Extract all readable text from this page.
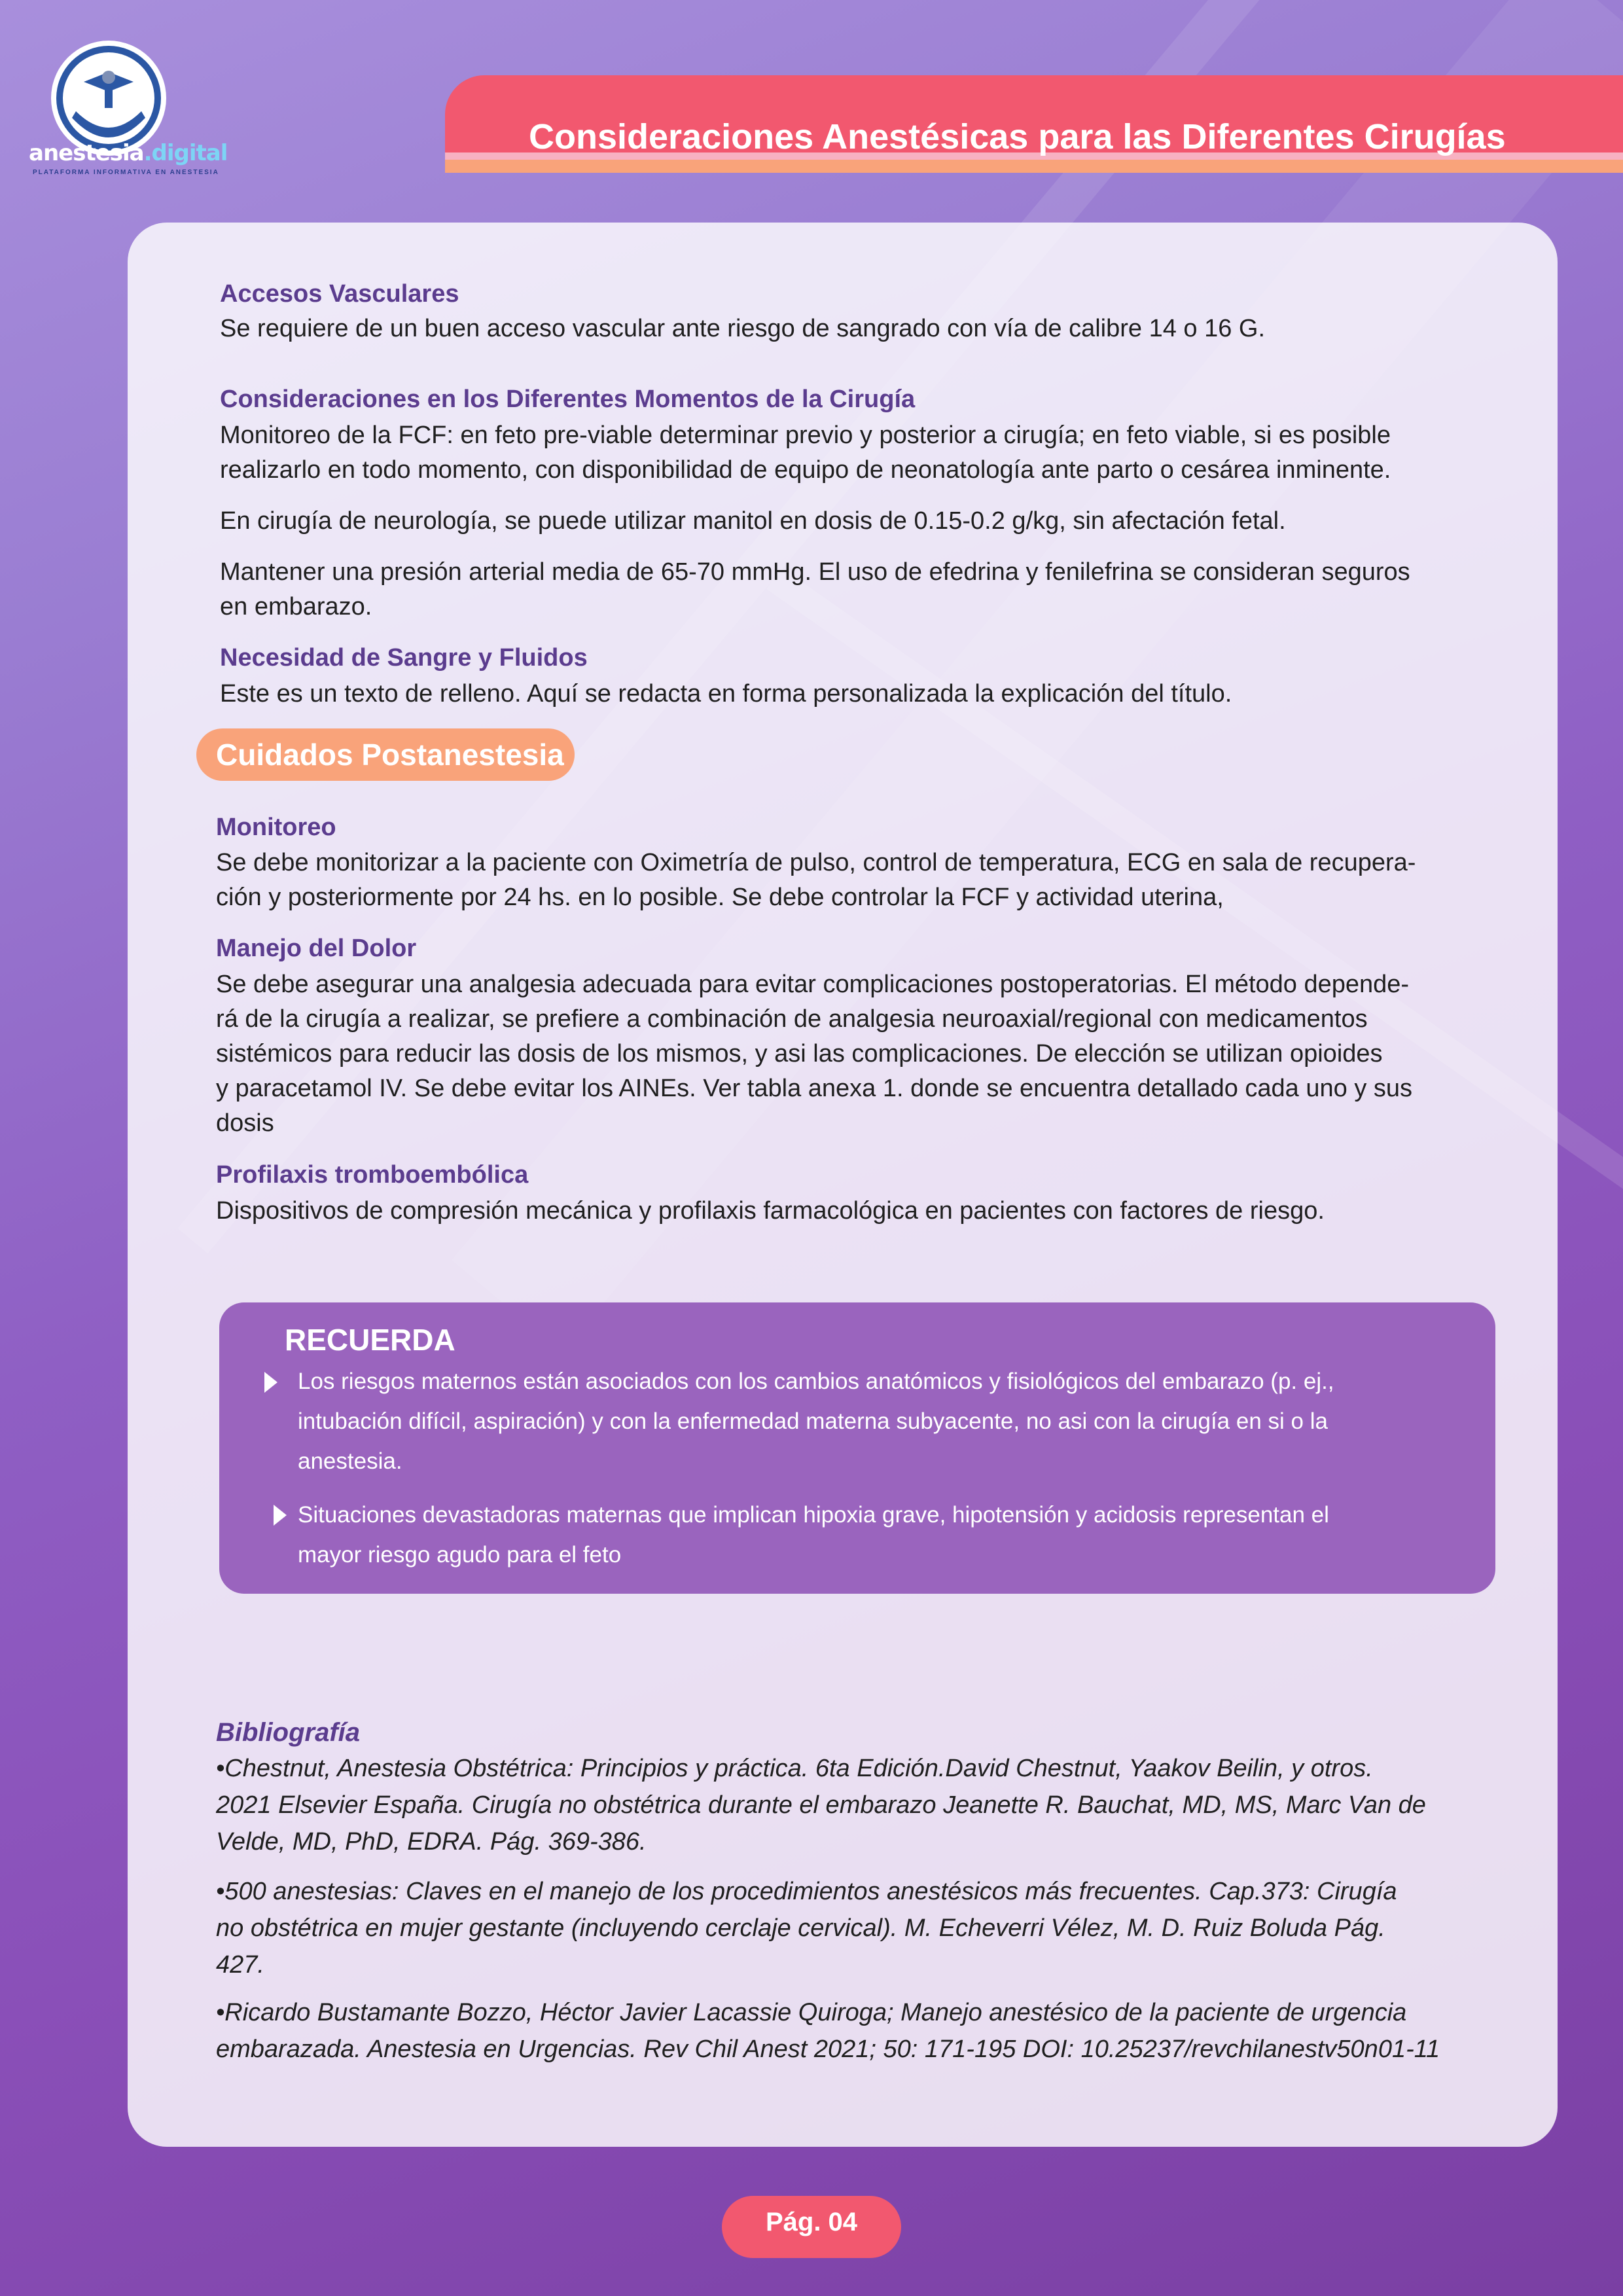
anestesia.digital
PLATAFORMA INFORMATIVA EN ANESTESIA
Consideraciones Anestésicas para las Diferentes Cirugías
Accesos Vasculares
Se requiere de un buen acceso vascular ante riesgo de sangrado con vía de calibre 14 o 16 G.
Consideraciones en los Diferentes Momentos de la Cirugía
Monitoreo de la FCF: en feto pre-viable determinar previo y posterior a cirugía; en feto viable, si es posible
realizarlo en todo momento, con disponibilidad de equipo de neonatología ante parto o cesárea inminente.
En cirugía de neurología, se puede utilizar manitol en dosis de 0.15-0.2 g/kg, sin afectación fetal.
Mantener una presión arterial media de 65-70 mmHg. El uso de efedrina y fenilefrina se consideran seguros
en embarazo.
Necesidad de Sangre y Fluidos
Este es un texto de relleno. Aquí se redacta en forma personalizada la explicación del título.
Cuidados Postanestesia
Monitoreo
Se debe monitorizar a la paciente con Oximetría de pulso, control de temperatura, ECG en sala de recupera-
ción y posteriormente por 24 hs. en lo posible. Se debe controlar la FCF y actividad uterina,
Manejo del Dolor
Se debe asegurar una analgesia adecuada para evitar complicaciones postoperatorias. El método depende-
rá de la cirugía a realizar, se prefiere a combinación de analgesia neuroaxial/regional con medicamentos
sistémicos para reducir las dosis de los mismos, y asi las complicaciones. De elección se utilizan opioides
y paracetamol IV. Se debe evitar los AINEs. Ver tabla anexa 1. donde se encuentra detallado cada uno y sus
dosis
Profilaxis tromboembólica
Dispositivos de compresión mecánica y profilaxis farmacológica en pacientes con factores de riesgo.
RECUERDA
Los riesgos maternos están asociados con los cambios anatómicos y fisiológicos del embarazo (p. ej.,
intubación difícil, aspiración) y con la enfermedad materna subyacente, no asi con la cirugía en si o la
anestesia.
Situaciones devastadoras maternas que implican hipoxia grave, hipotensión y acidosis representan el
mayor riesgo agudo para el feto
Bibliografía
•Chestnut, Anestesia Obstétrica: Principios y práctica. 6ta Edición.David Chestnut, Yaakov Beilin, y otros.
2021 Elsevier España. Cirugía no obstétrica durante el embarazo Jeanette R. Bauchat, MD, MS, Marc Van de
Velde, MD, PhD, EDRA. Pág. 369-386.
•500 anestesias: Claves en el manejo de los procedimientos anestésicos más frecuentes. Cap.373: Cirugía
no obstétrica en mujer gestante (incluyendo cerclaje cervical). M. Echeverri Vélez, M. D. Ruiz Boluda Pág.
427.
•Ricardo Bustamante Bozzo, Héctor Javier Lacassie Quiroga; Manejo anestésico de la paciente de urgencia
embarazada. Anestesia en Urgencias. Rev Chil Anest 2021; 50: 171-195 DOI: 10.25237/revchilanestv50n01-11
Pág. 04
